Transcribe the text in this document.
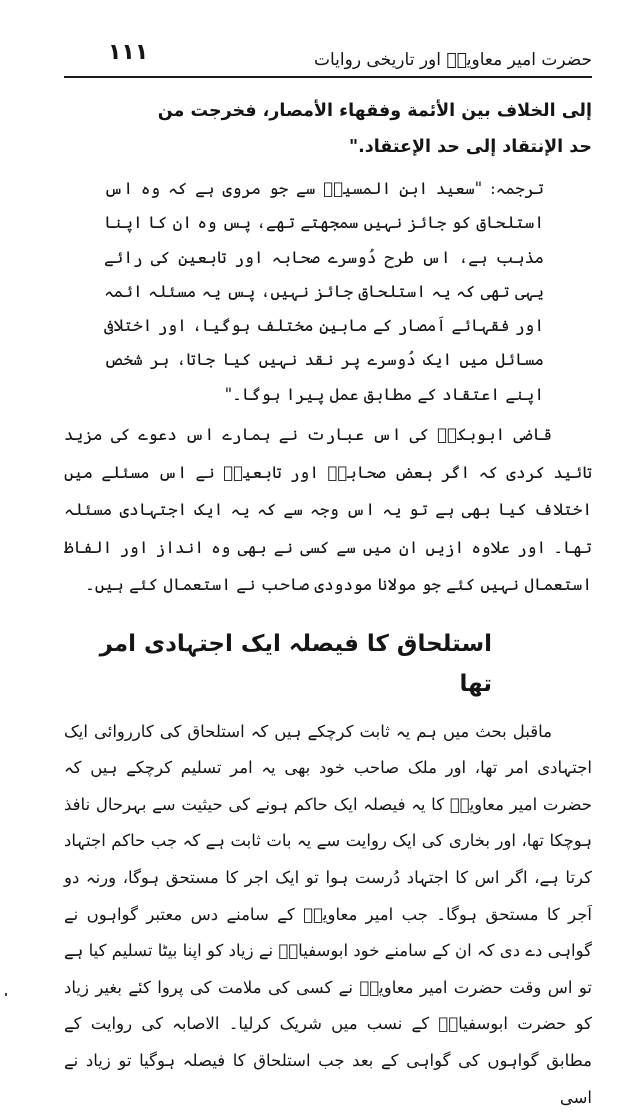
۱۱۱	حضرت امیر معاویہؓ اور تاریخی روایات

إلى الخلاف بين الأئمة وفقهاء الأمصار، فخرجت من

حد الإنتقاد إلى حد الإعتقاد."

ترجمہ: "سعید ابن المسیبؒ سے جو مروی ہے کہ وہ اس استلحاق کو جائز نہیں سمجھتے تھے، پس وہ ان کا اپنا مذہب ہے، اس طرح دُوسرے صحابہ اور تابعین کی رائے یہی تھی کہ یہ استلحاق جائز نہیں، پس یہ مسئلہ ائمہ اور فقہائے اَمصار کے مابین مختلف ہوگیا، اور اختلافی مسائل میں ایک دُوسرے پر نقد نہیں کیا جاتا، ہر شخص اپنے اعتقاد کے مطابق عمل پیرا ہوگا۔"

قاضی ابوبکرؒ کی اس عبارت نے ہمارے اس دعوے کی مزید تائید کردی کہ اگر بعض صحابہؓ اور تابعینؒ نے اس مسئلے میں اختلاف کیا بھی ہے تو یہ اس وجہ سے کہ یہ ایک اجتہادی مسئلہ تھا۔ اور علاوہ ازیں ان میں سے کسی نے بھی وہ انداز اور الفاظ استعمال نہیں کئے جو مولانا مودودی صاحب نے استعمال کئے ہیں۔

استلحاق کا فیصلہ ایک اجتہادی امر تھا

ماقبل بحث میں ہم یہ ثابت کرچکے ہیں کہ استلحاق کی کارروائی ایک اجتہادی امر تھا، اور ملک صاحب خود بھی یہ امر تسلیم کرچکے ہیں کہ حضرت امیر معاویہؓ کا یہ فیصلہ ایک حاکم ہونے کی حیثیت سے بہرحال نافذ ہوچکا تھا، اور بخاری کی ایک روایت سے یہ بات ثابت ہے کہ جب حاکم اجتہاد کرتا ہے، اگر اس کا اجتہاد دُرست ہوا تو ایک اجر کا مستحق ہوگا، ورنہ دو اَجر کا مستحق ہوگا۔ جب امیر معاویہؓ کے سامنے دس معتبر گواہوں نے گواہی دے دی کہ ان کے سامنے خود ابوسفیانؓ نے زیاد کو اپنا بیٹا تسلیم کیا ہے تو اس وقت حضرت امیر معاویہؓ نے کسی کی ملامت کی پروا کئے بغیر زیاد کو حضرت ابوسفیانؓ کے نسب میں شریک کرلیا۔ الاصابہ کی روایت کے مطابق گواہوں کی گواہی کے بعد جب استلحاق کا فیصلہ ہوگیا تو زیاد نے اسی
